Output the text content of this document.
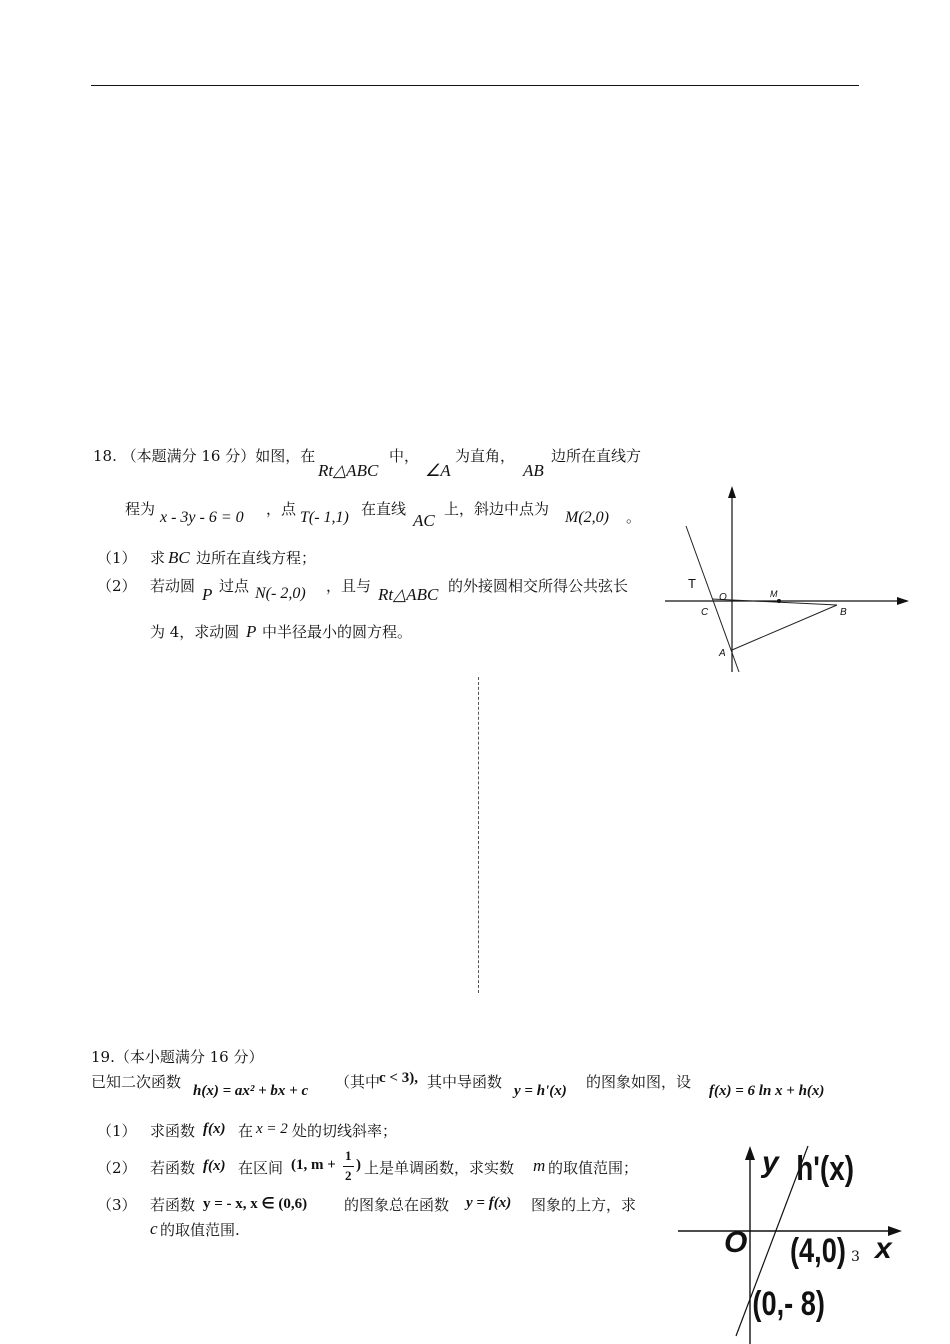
18. （本题满分 16 分）如图，在
Rt△ABC
中，
∠A
为直角，
AB
边所在直线方
程为 x - 3y - 6 = 0 ，点 T(- 1,1) 在直线
AC
上，斜边中点为 M(2,0) 。
（1） 求 BC 边所在直线方程；
（2） 若动圆 P 过点 N(- 2,0) ，且与 Rt△ABC 的外接圆相交所得公共弦长
为 4，求动圆 P 中半径最小的圆方程。
T
O
C
M
B
A
19.（本小题满分 16 分）
已知二次函数 h(x) = ax² + bx + c （其中
c < 3), 其中导函数 y = h'(x) 的图象如图，设 f(x) = 6 ln x + h(x)
（1） 求函数 f(x) 在 x = 2 处的切线斜率；
（2） 若函数 f(x) 在区间 (1, m +
1
2
) 上是单调函数，求实数 m 的取值范围；
（3） 若函数 y = - x, x ∈ (0,6) 的图象总在函数 y = f(x) 图象的上方，求
c 的取值范围.
y h'(x)
O (4,0) x
(0,- 8)
3
